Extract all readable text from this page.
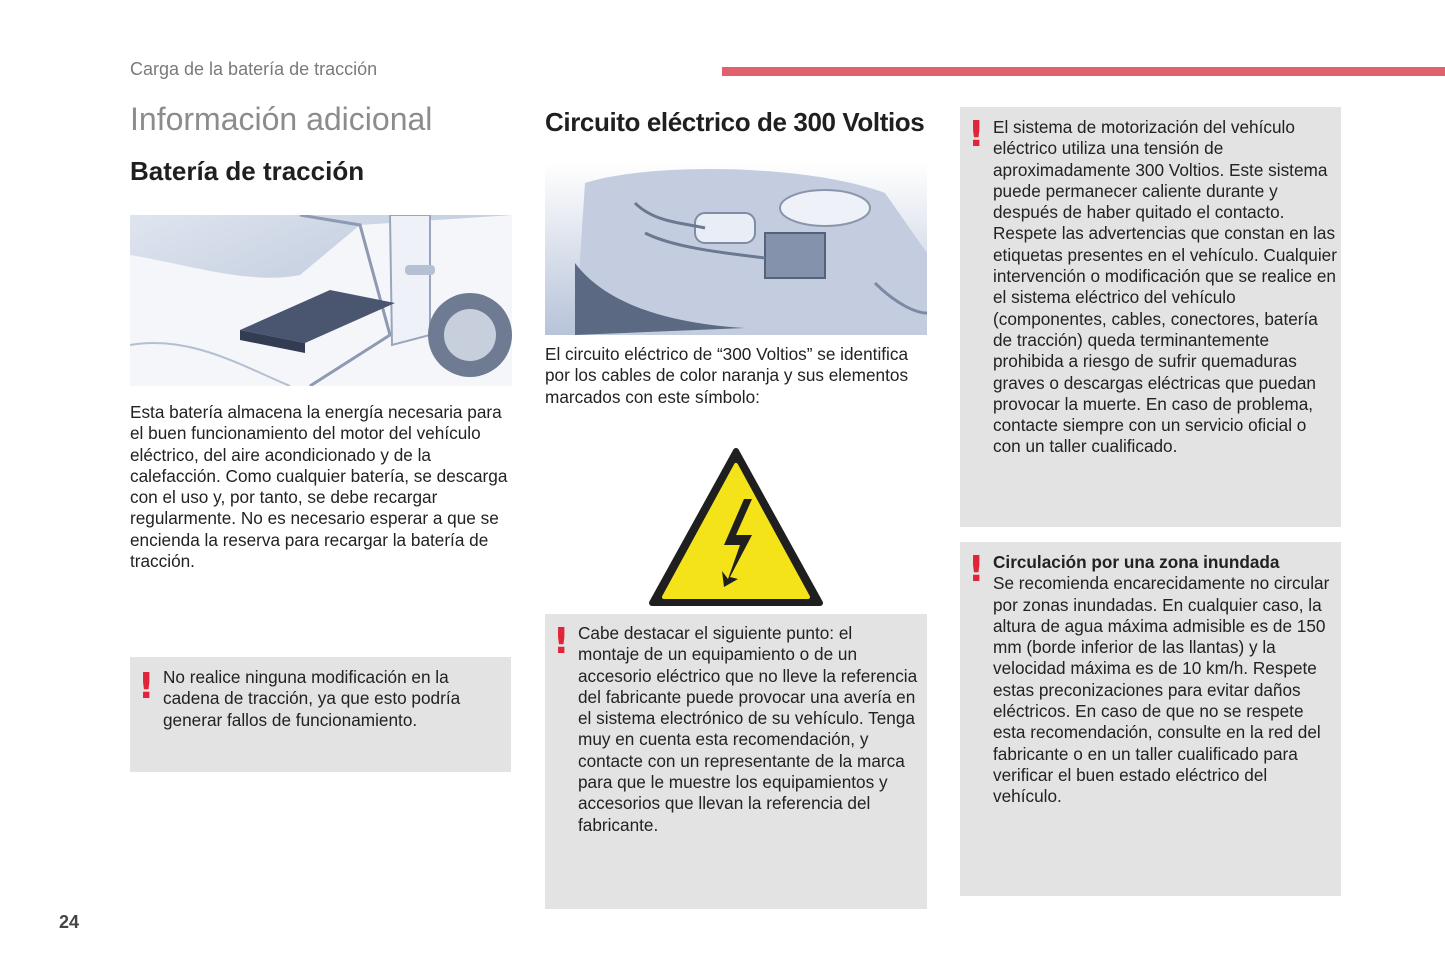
Carga de la batería de tracción
Información adicional
Batería de tracción
Esta batería almacena la energía necesaria para el buen funcionamiento del motor del vehículo eléctrico, del aire acondicionado y de la calefacción. Como cualquier batería, se descarga con el uso y, por tanto, se debe recargar regularmente. No es necesario esperar a que se encienda la reserva para recargar la batería de tracción.
! No realice ninguna modificación en la cadena de tracción, ya que esto podría generar fallos de funcionamiento.
Circuito eléctrico de 300 Voltios
El circuito eléctrico de “300 Voltios” se identifica por los cables de color naranja y sus elementos marcados con este símbolo:
! Cabe destacar el siguiente punto: el montaje de un equipamiento o de un accesorio eléctrico que no lleve la referencia del fabricante puede provocar una avería en el sistema electrónico de su vehículo. Tenga muy en cuenta esta recomendación, y contacte con un representante de la marca para que le muestre los equipamientos y accesorios que llevan la referencia del fabricante.
! El sistema de motorización del vehículo eléctrico utiliza una tensión de aproximadamente 300 Voltios. Este sistema puede permanecer caliente durante y después de haber quitado el contacto. Respete las advertencias que constan en las etiquetas presentes en el vehículo. Cualquier intervención o modificación que se realice en el sistema eléctrico del vehículo (componentes, cables, conectores, batería de tracción) queda terminantemente prohibida a riesgo de sufrir quemaduras graves o descargas eléctricas que puedan provocar la muerte. En caso de problema, contacte siempre con un servicio oficial o con un taller cualificado.
! Circulación por una zona inundada
Se recomienda encarecidamente no circular por zonas inundadas. En cualquier caso, la altura de agua máxima admisible es de 150 mm (borde inferior de las llantas) y la velocidad máxima es de 10 km/h. Respete estas preconizaciones para evitar daños eléctricos. En caso de que no se respete esta recomendación, consulte en la red del fabricante o en un taller cualificado para verificar el buen estado eléctrico del vehículo.
24
